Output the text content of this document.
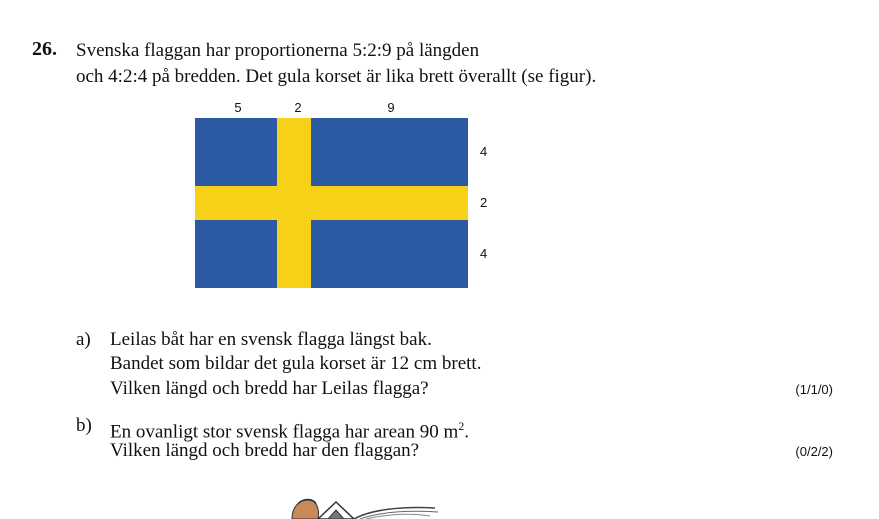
26. Svenska flaggan har proportionerna 5:2:9 på längden
och 4:2:4 på bredden. Det gula korset är lika brett överallt (se figur).
5	2	9
4
2
4
a) Leilas båt har en svensk flagga längst bak.
Bandet som bildar det gula korset är 12 cm brett.
Vilken längd och bredd har Leilas flagga?	(1/1/0)
b) En ovanligt stor svensk flagga har arean 90 $m^2$.
Vilken längd och bredd har den flaggan?	(0/2/2)
